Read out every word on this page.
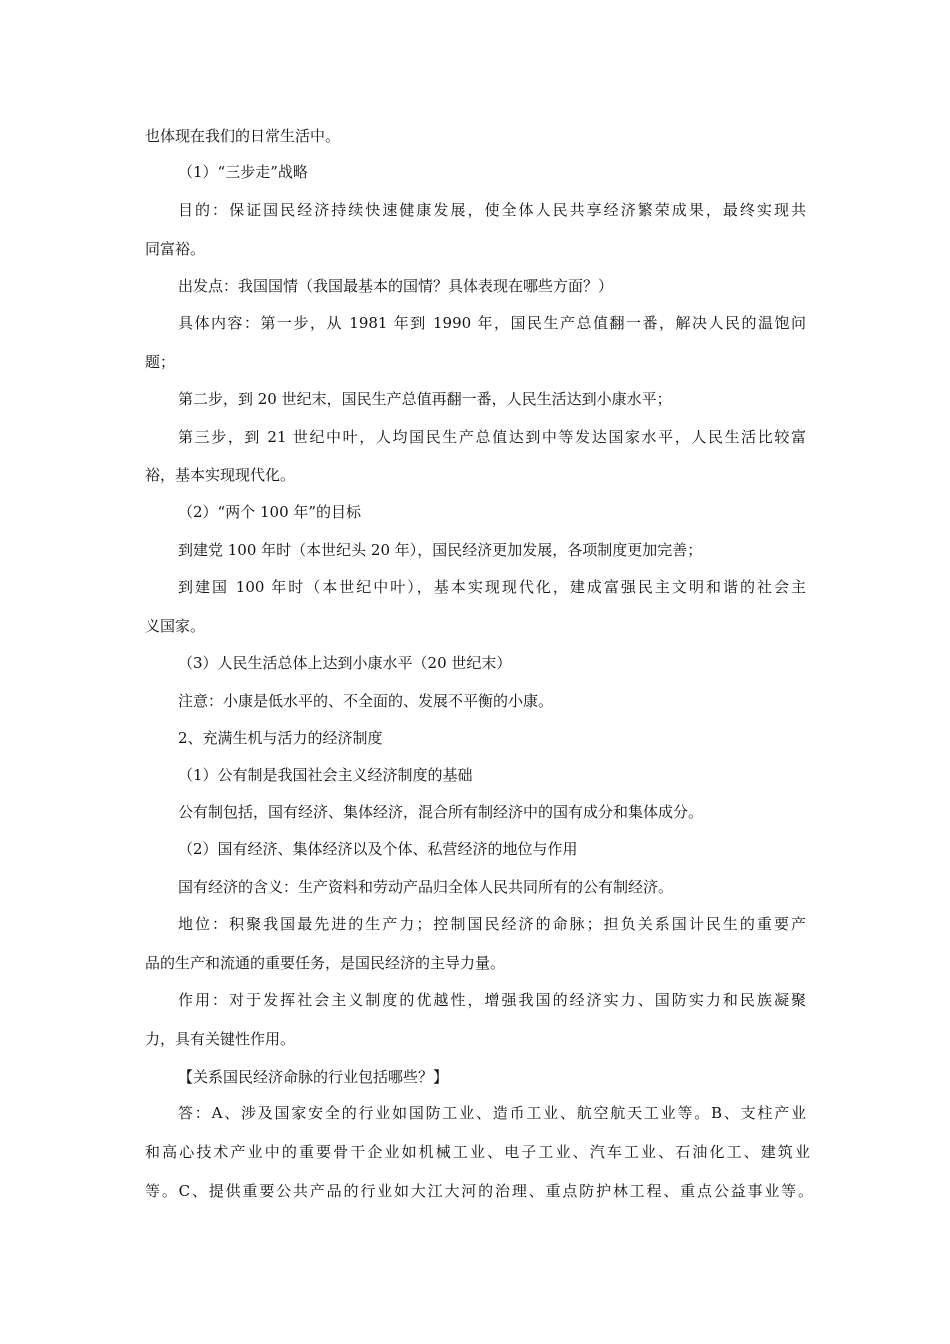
也体现在我们的日常生活中。
（1）“三步走”战略
目的：保证国民经济持续快速健康发展，使全体人民共享经济繁荣成果，最终实现共
同富裕。
出发点：我国国情（我国最基本的国情？具体表现在哪些方面？）
具体内容：第一步，从 1981 年到 1990 年，国民生产总值翻一番，解决人民的温饱问
题；
第二步，到 20 世纪末，国民生产总值再翻一番，人民生活达到小康水平；
第三步，到 21 世纪中叶，人均国民生产总值达到中等发达国家水平，人民生活比较富
裕，基本实现现代化。
（2）“两个 100 年”的目标
到建党 100 年时（本世纪头 20 年），国民经济更加发展，各项制度更加完善；
到建国 100 年时（本世纪中叶），基本实现现代化，建成富强民主文明和谐的社会主
义国家。
（3）人民生活总体上达到小康水平（20 世纪末）
注意：小康是低水平的、不全面的、发展不平衡的小康。
2、充满生机与活力的经济制度
（1）公有制是我国社会主义经济制度的基础
公有制包括，国有经济、集体经济，混合所有制经济中的国有成分和集体成分。
（2）国有经济、集体经济以及个体、私营经济的地位与作用
国有经济的含义：生产资料和劳动产品归全体人民共同所有的公有制经济。
地位：积聚我国最先进的生产力；控制国民经济的命脉；担负关系国计民生的重要产
品的生产和流通的重要任务，是国民经济的主导力量。
作用：对于发挥社会主义制度的优越性，增强我国的经济实力、国防实力和民族凝聚
力，具有关键性作用。
【关系国民经济命脉的行业包括哪些？】
答：A、涉及国家安全的行业如国防工业、造币工业、航空航天工业等。B、支柱产业
和高心技术产业中的重要骨干企业如机械工业、电子工业、汽车工业、石油化工、建筑业
等。C、提供重要公共产品的行业如大江大河的治理、重点防护林工程、重点公益事业等。
